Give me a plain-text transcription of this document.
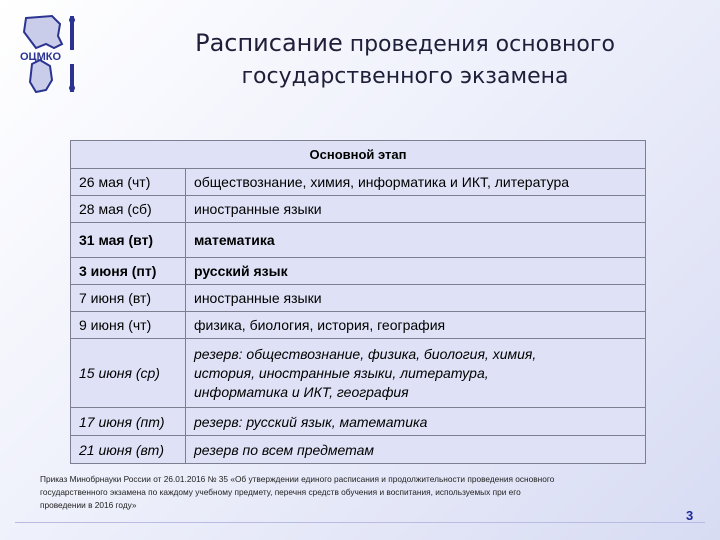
ОЦМКО	Расписание проведения основного
государственного экзамена
Основной этап	
26 мая (чт)	обществознание, химия, информатика и ИКТ, литература
28 мая (сб)	иностранные языки
31 мая (вт)	математика
3 июня (пт)	русский язык
7 июня (вт)	иностранные языки
9 июня (чт)	физика, биология, история, география
15 июня (ср)	резерв: обществознание, физика, биология, химия,
история, иностранные языки, литература,
информатика и ИКТ, география

17 июня (пт)	резерв: русский язык, математика
21 июня (вт)	резерв по всем предметам
Приказ Минобрнауки России от 26.01.2016 № 35 «Об утверждении единого расписания и продолжительности проведения основного
государственного экзамена по каждому учебному предмету, перечня средств обучения и воспитания, используемых при его
проведении в 2016 году»
3
